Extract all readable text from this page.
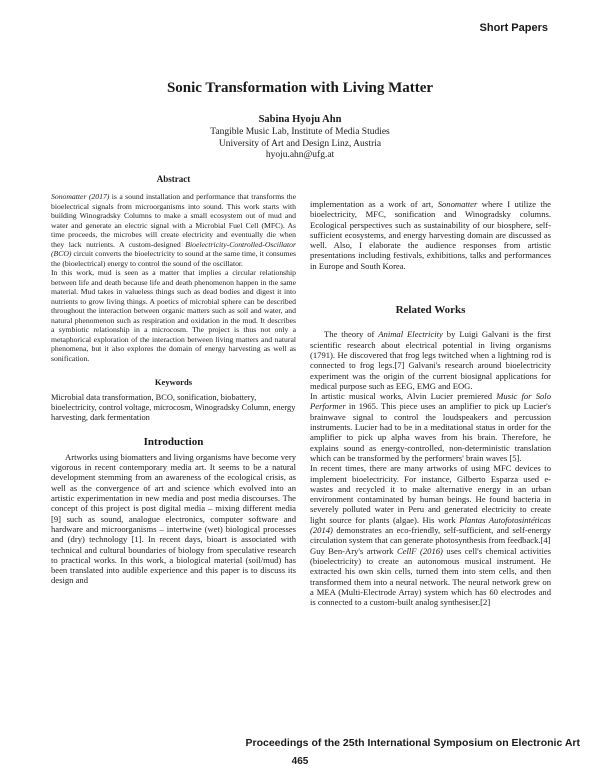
Short Papers
Sonic Transformation with Living Matter
Sabina Hyoju Ahn
Tangible Music Lab, Institute of Media Studies
University of Art and Design Linz, Austria
hyoju.ahn@ufg.at
Abstract

Sonomatter (2017) is a sound installation and performance that transforms the bioelectrical signals from microorganisms into sound. This work starts with building Winogradsky Columns to make a small ecosystem out of mud and water and generate an electric signal with a Microbial Fuel Cell (MFC). As time proceeds, the microbes will create electricity and eventually die when they lack nutrients. A custom-designed Bioelectricity-Controlled-Oscillator (BCO) circuit converts the bioelectricity to sound at the same time, it consumes the (bioelectrical) energy to control the sound of the oscillator.

In this work, mud is seen as a matter that implies a circular relationship between life and death because life and death phenomenon happen in the same material. Mud takes in valueless things such as dead bodies and digest it into nutrients to grow living things. A poetics of microbial sphere can be described throughout the interaction between organic matters such as soil and water, and natural phenomenon such as respiration and oxidation in the mud. It describes a symbiotic relationship in a microcosm. The project is thus not only a metaphorical exploration of the interaction between living matters and natural phenomena, but it also explores the domain of energy harvesting as well as sonification.

Keywords

Microbial data transformation, BCO, sonification, biobattery, bioelectricity, control voltage, microcosm, Winogradsky Column, energy harvesting, dark fermentation

Introduction

Artworks using biomatters and living organisms have become very vigorous in recent contemporary media art. It seems to be a natural development stemming from an awareness of the ecological crisis, as well as the convergence of art and science which evolved into an artistic experimentation in new media and post media discourses. The concept of this project is post digital media – mixing different media [9] such as sound, analogue electronics, computer software and hardware and microorganisms – intertwine (wet) biological processes and (dry) technology [1]. In recent days, bioart is associated with technical and cultural boundaries of biology from speculative research to practical works. In this work, a biological material (soil/mud) has been translated into audible experience and this paper is to discuss its design and

implementation as a work of art, Sonomatter where I utilize the bioelectricity, MFC, sonification and Winogradsky columns. Ecological perspectives such as sustainability of our biosphere, self-sufficient ecosystems, and energy harvesting domain are discussed as well. Also, I elaborate the audience responses from artistic presentations including festivals, exhibitions, talks and performances in Europe and South Korea.

Related Works

The theory of Animal Electricity by Luigi Galvani is the first scientific research about electrical potential in living organisms (1791). He discovered that frog legs twitched when a lightning rod is connected to frog legs.[7] Galvani's research around bioelectricity experiment was the origin of the current biosignal applications for medical purpose such as EEG, EMG and EOG.

In artistic musical works, Alvin Lucier premiered Music for Solo Performer in 1965. This piece uses an amplifier to pick up Lucier's brainwave signal to control the loudspeakers and percussion instruments. Lucier had to be in a meditational status in order for the amplifier to pick up alpha waves from his brain. Therefore, he explains sound as energy-controlled, non-deterministic translation which can be transformed by the performers' brain waves [5].

In recent times, there are many artworks of using MFC devices to implement bioelectricity. For instance, Gilberto Esparza used e-wastes and recycled it to make alternative energy in an urban environment contaminated by human beings. He found bacteria in severely polluted water in Peru and generated electricity to create light source for plants (algae). His work Plantas Autofotosintéticas (2014) demonstrates an eco-friendly, self-sufficient, and self-energy circulation system that can generate photosynthesis from feedback.[4]

Guy Ben-Ary's artwork CellF (2016) uses cell's chemical activities (bioelectricity) to create an autonomous musical instrument. He extracted his own skin cells, turned them into stem cells, and then transformed them into a neural network. The neural network grew on a MEA (Multi-Electrode Array) system which has 60 electrodes and is connected to a custom-built analog synthesiser.[2]

Proceedings of the 25th International Symposium on Electronic Art
465
